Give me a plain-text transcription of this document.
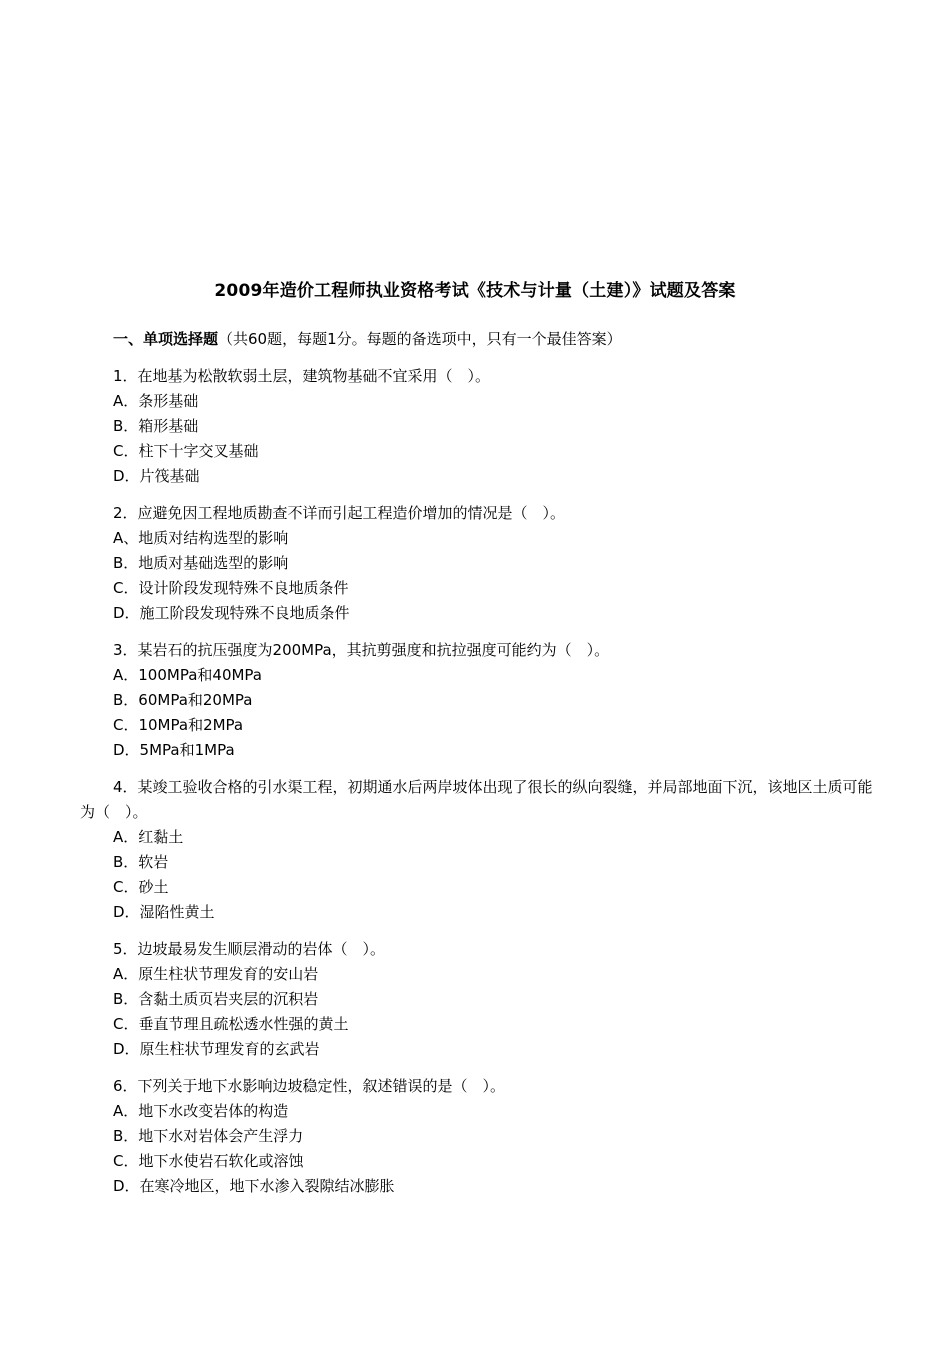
2009年造价工程师执业资格考试《技术与计量（土建）》试题及答案
一、单项选择题（共60题，每题1分。每题的备选项中，只有一个最佳答案）

1．在地基为松散软弱土层，建筑物基础不宜采用（　）。

A．条形基础

B．箱形基础

C．柱下十字交叉基础

D．片筏基础

2．应避免因工程地质勘查不详而引起工程造价增加的情况是（　）。

A、地质对结构选型的影响

B．地质对基础选型的影响

C．设计阶段发现特殊不良地质条件

D．施工阶段发现特殊不良地质条件

3．某岩石的抗压强度为200MPa，其抗剪强度和抗拉强度可能约为（　）。

A．100MPa和40MPa

B．60MPa和20MPa

C．10MPa和2MPa

D．5MPa和1MPa

4．某竣工验收合格的引水渠工程，初期通水后两岸坡体出现了很长的纵向裂缝，并局部地面下沉，该地区土质可能为（　）。

A．红黏土

B．软岩

C．砂土

D．湿陷性黄土

5．边坡最易发生顺层滑动的岩体（　）。

A．原生柱状节理发育的安山岩

B．含黏土质页岩夹层的沉积岩

C．垂直节理且疏松透水性强的黄土

D．原生柱状节理发育的玄武岩

6．下列关于地下水影响边坡稳定性，叙述错误的是（　）。

A．地下水改变岩体的构造

B．地下水对岩体会产生浮力

C．地下水使岩石软化或溶蚀

D．在寒冷地区，地下水渗入裂隙结冰膨胀
